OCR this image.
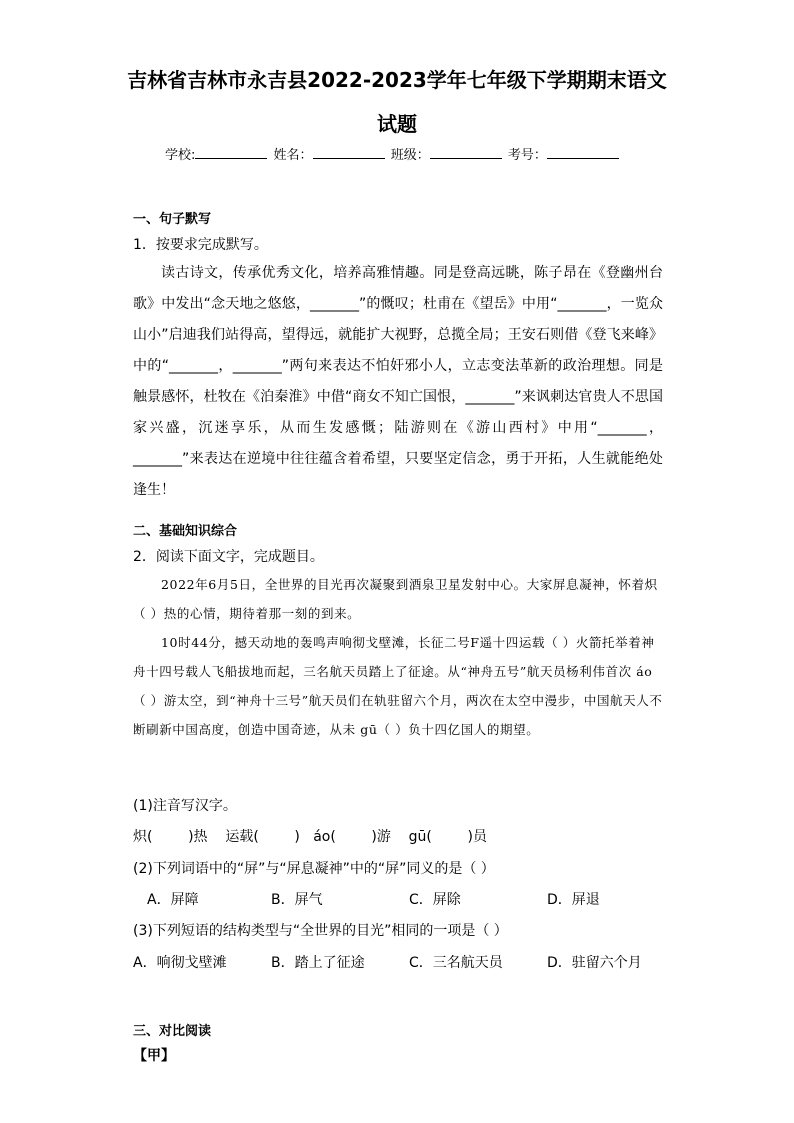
吉林省吉林市永吉县2022-2023学年七年级下学期期末语文
试题
学校:	姓名：	班级：	考号：
一、句子默写
1．按要求完成默写。

读古诗文，传承优秀文化，培养高雅情趣。同是登高远眺，陈子昂在《登幽州台歌》中发出“念天地之悠悠，_______”的慨叹；杜甫在《望岳》中用“_______，一览众山小”启迪我们站得高，望得远，就能扩大视野，总揽全局；王安石则借《登飞来峰》中的“_______，_______”两句来表达不怕奸邪小人，立志变法革新的政治理想。同是触景感怀，杜牧在《泊秦淮》中借“商女不知亡国恨，_______”来讽刺达官贵人不思国家兴盛，沉迷享乐，从而生发感慨；陆游则在《游山西村》中用“_______，_______”来表达在逆境中往往蕴含着希望，只要坚定信念，勇于开拓，人生就能绝处逢生！

二、基础知识综合
2．阅读下面文字，完成题目。

2022年6月5日，全世界的目光再次凝聚到酒泉卫星发射中心。大家屏息凝神，怀着炽（ ）热的心情，期待着那一刻的到来。

10时44分，撼天动地的轰鸣声响彻戈壁滩，长征二号F遥十四运载（ ）火箭托举着神舟十四号载人飞船拔地而起，三名航天员踏上了征途。从“神舟五号”航天员杨利伟首次 áo（ ）游太空，到“神舟十三号”航天员们在轨驻留六个月，两次在太空中漫步，中国航天人不断刷新中国高度，创造中国奇迹，从未 gū（ ）负十四亿国人的期望。

(1)注音写汉字。
炽(        )热    运载(        )   áo(        )游    gū(        )员
(2)下列词语中的“屏”与“屏息凝神”中的“屏”同义的是（ ）
A．屏障	B．屏气	C．屏除	D．屏退
(3)下列短语的结构类型与“全世界的目光”相同的一项是（ ）
A．响彻戈壁滩	B．踏上了征途	C．三名航天员	D．驻留六个月
三、对比阅读
【甲】
